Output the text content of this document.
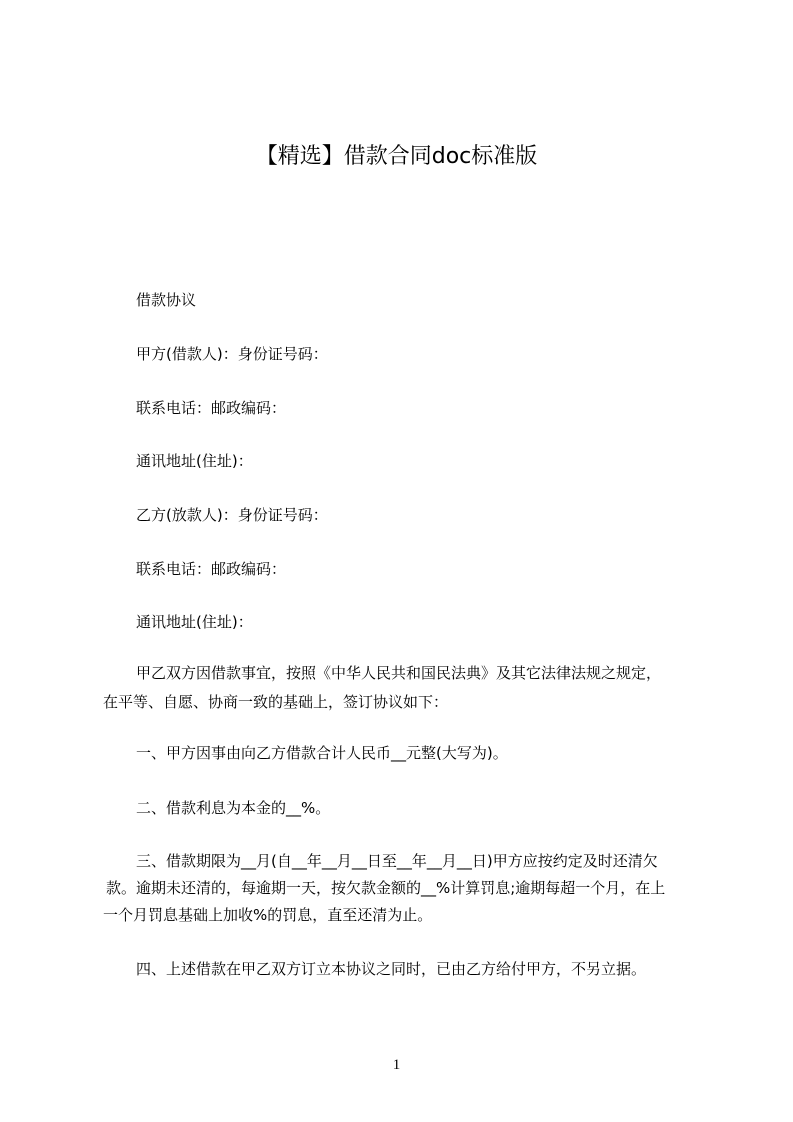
【精选】借款合同doc标准版
借款协议
甲方(借款人)：身份证号码：
联系电话：邮政编码：
通讯地址(住址)：
乙方(放款人)：身份证号码：
联系电话：邮政编码：
通讯地址(住址)：
甲乙双方因借款事宜，按照《中华人民共和国民法典》及其它法律法规之规定，
在平等、自愿、协商一致的基础上，签订协议如下：
一、甲方因事由向乙方借款合计人民币__元整(大写为)。
二、借款利息为本金的__%。
三、借款期限为__月(自__年__月__日至__年__月__日)甲方应按约定及时还清欠
款。逾期未还清的，每逾期一天，按欠款金额的__%计算罚息;逾期每超一个月，在上
一个月罚息基础上加收%的罚息，直至还清为止。
四、上述借款在甲乙双方订立本协议之同时，已由乙方给付甲方，不另立据。
1
